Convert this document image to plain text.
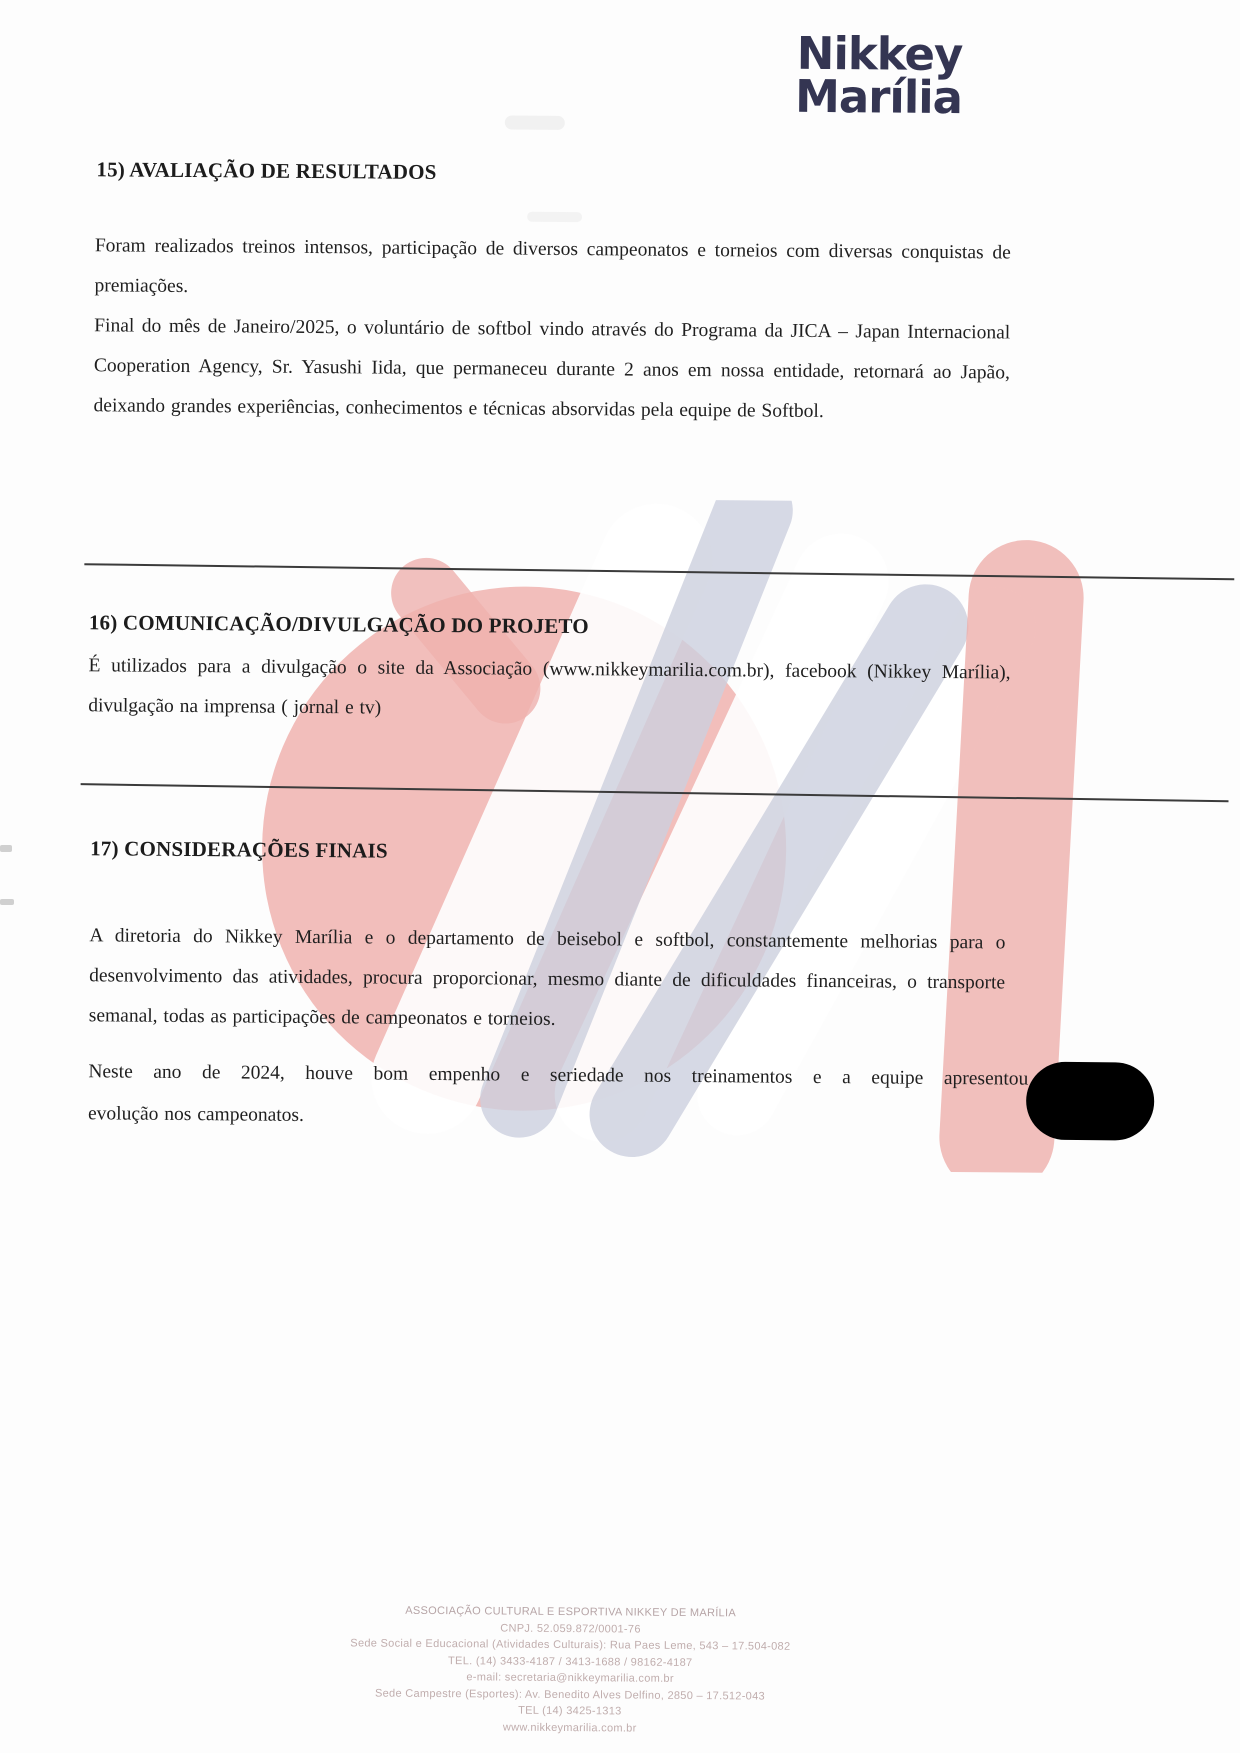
Nikkey
Marília
15) AVALIAÇÃO DE RESULTADOS

Foram realizados treinos intensos, participação de diversos campeonatos e torneios com diversas conquistas de premiações.

Final do mês de Janeiro/2025, o voluntário de softbol vindo através do Programa da JICA – Japan Internacional Cooperation Agency, Sr. Yasushi Iida, que permaneceu durante 2 anos em nossa entidade, retornará ao Japão, deixando grandes experiências, conhecimentos e técnicas absorvidas pela equipe de Softbol.

16) COMUNICAÇÃO/DIVULGAÇÃO DO PROJETO

É utilizados para a divulgação o site da Associação (www.nikkeymarilia.com.br), facebook (Nikkey Marília), divulgação na imprensa ( jornal e tv)

17) CONSIDERAÇÕES FINAIS

A diretoria do Nikkey Marília e o departamento de beisebol e softbol, constantemente melhorias para o desenvolvimento das atividades, procura proporcionar, mesmo diante de dificuldades financeiras, o transporte semanal, todas as participações de campeonatos e torneios.

Neste ano de 2024, houve bom empenho e seriedade nos treinamentos e a equipe apresentou
evolução nos campeonatos.
ASSOCIAÇÃO CULTURAL E ESPORTIVA NIKKEY DE MARÍLIA
CNPJ. 52.059.872/0001-76
Sede Social e Educacional (Atividades Culturais): Rua Paes Leme, 543 – 17.504-082
TEL. (14) 3433-4187 / 3413-1688 / 98162-4187
e-mail: secretaria@nikkeymarilia.com.br
Sede Campestre (Esportes): Av. Benedito Alves Delfino, 2850 – 17.512-043
TEL (14) 3425-1313
www.nikkeymarilia.com.br
